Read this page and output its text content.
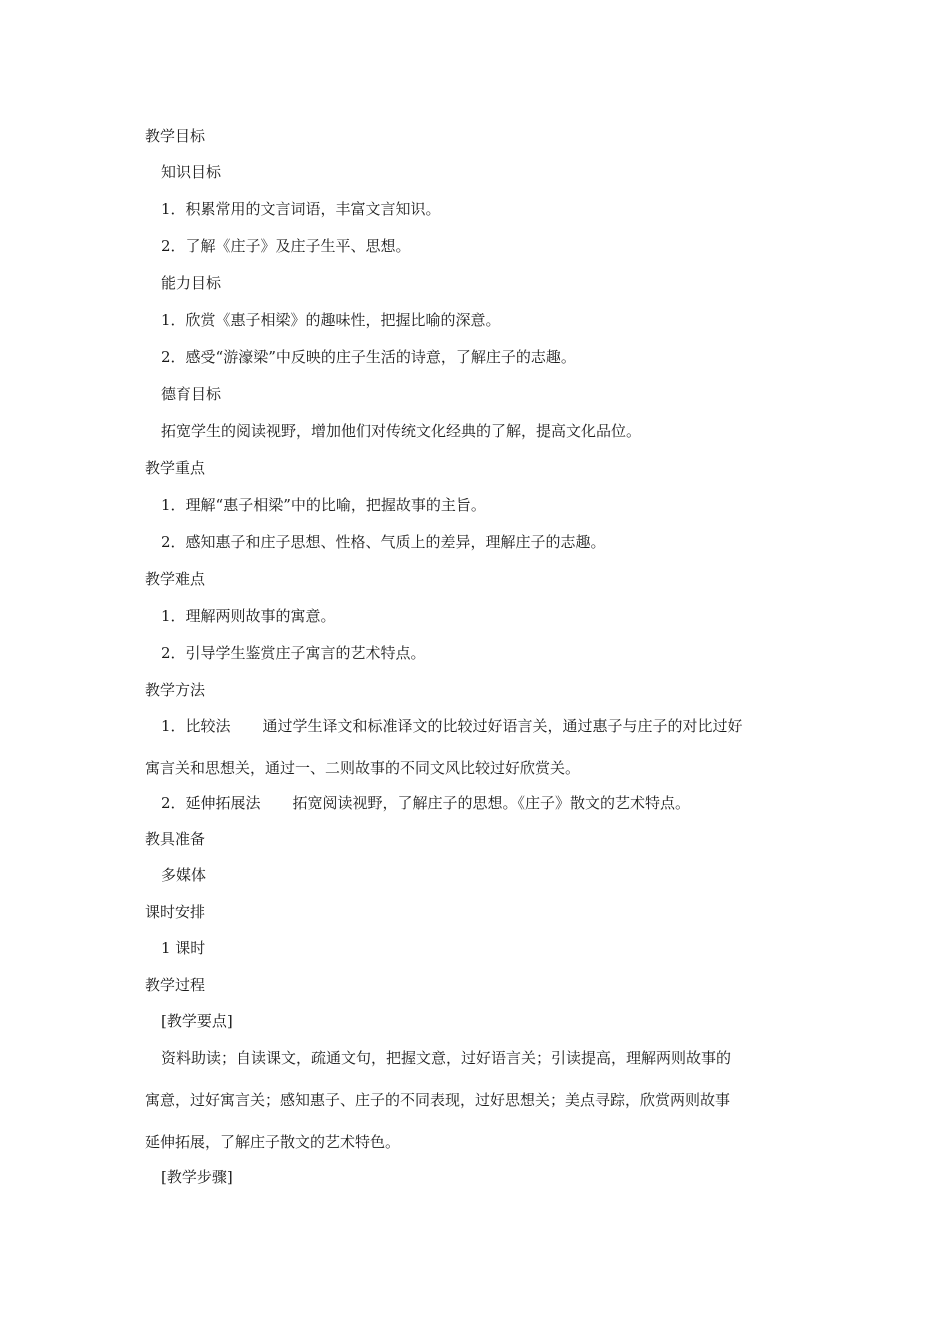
教学目标
知识目标
1．积累常用的文言词语，丰富文言知识。
2．了解《庄子》及庄子生平、思想。
能力目标
1．欣赏《惠子相梁》的趣味性，把握比喻的深意。
2．感受“游濠梁”中反映的庄子生活的诗意，了解庄子的志趣。
德育目标
拓宽学生的阅读视野，增加他们对传统文化经典的了解，提高文化品位。
教学重点
1．理解“惠子相梁”中的比喻，把握故事的主旨。
2．感知惠子和庄子思想、性格、气质上的差异，理解庄子的志趣。
教学难点
1．理解两则故事的寓意。
2．引导学生鉴赏庄子寓言的艺术特点。
教学方法
1．比较法 通过学生译文和标准译文的比较过好语言关，通过惠子与庄子的对比过好
寓言关和思想关，通过一、二则故事的不同文风比较过好欣赏关。
2．延伸拓展法 拓宽阅读视野，了解庄子的思想。《庄子》散文的艺术特点。
教具准备
多媒体
课时安排
1 课时
教学过程
[教学要点]
资料助读；自读课文，疏通文句，把握文意，过好语言关；引读提高，理解两则故事的
寓意，过好寓言关；感知惠子、庄子的不同表现，过好思想关；美点寻踪，欣赏两则故事
延伸拓展，了解庄子散文的艺术特色。
[教学步骤]
